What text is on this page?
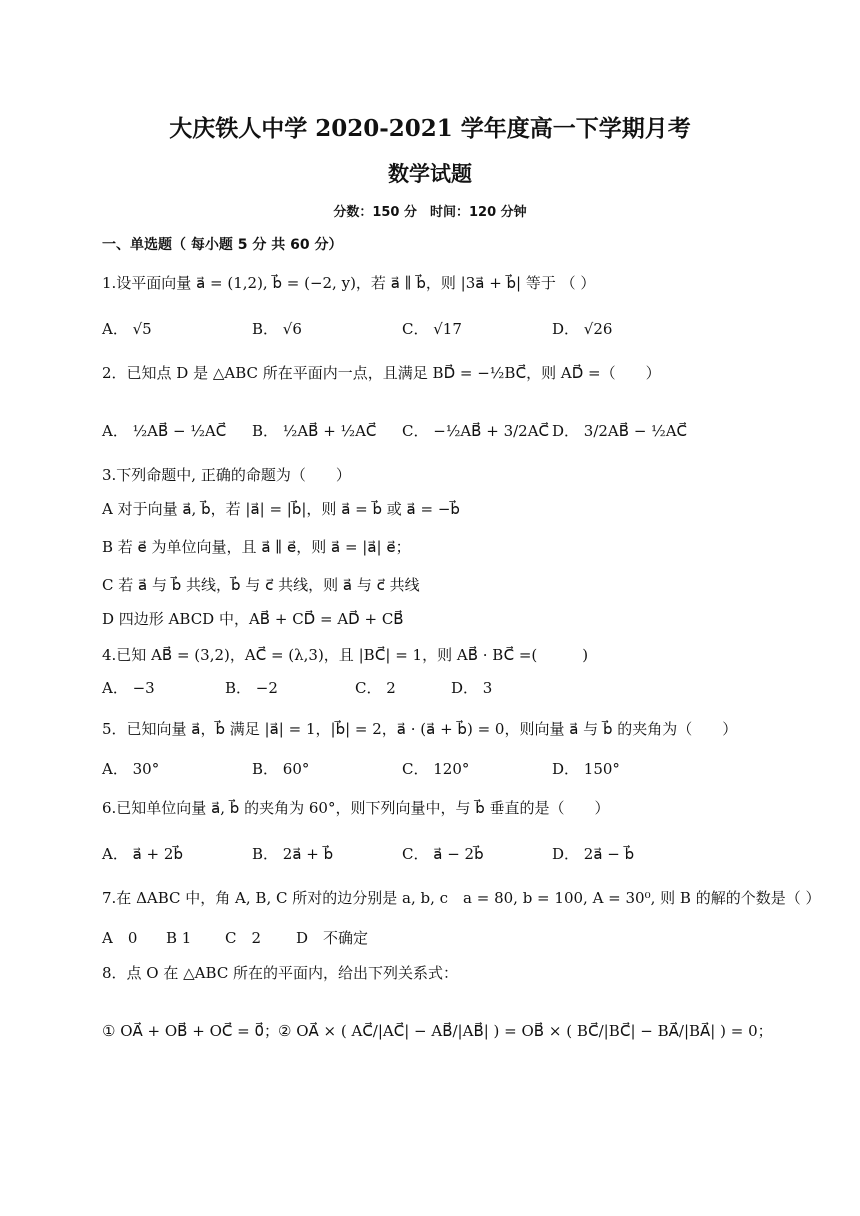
大庆铁人中学 2020-2021 学年度高一下学期月考
数学试题
分数：150 分　时间：120 分钟
一、单选题（ 每小题 5 分 共 60 分）
1.设平面向量 a⃗ = (1,2), b⃗ = (−2, y)，若 a⃗ ∥ b⃗，则 |3a⃗ + b⃗| 等于 （ ）
A． √5	B． √6	C． √17	D． √26
2．已知点 D 是 △ABC 所在平面内一点，且满足 BD⃗ = −½BC⃗，则 AD⃗ =（　　）
A． ½AB⃗ − ½AC⃗ B． ½AB⃗ + ½AC⃗ C． −½AB⃗ + 3/2AC⃗ D． 3/2AB⃗ − ½AC⃗
3.下列命题中, 正确的命题为（　　）
A 对于向量 a⃗, b⃗，若 |a⃗| = |b⃗|，则 a⃗ = b⃗ 或 a⃗ = −b⃗
B 若 e⃗ 为单位向量，且 a⃗ ∥ e⃗，则 a⃗ = |a⃗| e⃗；
C 若 a⃗ 与 b⃗ 共线，b⃗ 与 c⃗ 共线，则 a⃗ 与 c⃗ 共线
D 四边形 ABCD 中，AB⃗ + CD⃗ = AD⃗ + CB⃗
4.已知 AB⃗ = (3,2)，AC⃗ = (λ,3)，且 |BC⃗| = 1，则 AB⃗ · BC⃗ =(　　　)
A． −3	B． −2	C． 2	D． 3
5．已知向量 a⃗，b⃗ 满足 |a⃗| = 1，|b⃗| = 2，a⃗ · (a⃗ + b⃗) = 0，则向量 a⃗ 与 b⃗ 的夹角为（　　）
A． 30°	B． 60°	C． 120°	D． 150°
6.已知单位向量 a⃗, b⃗ 的夹角为 60°，则下列向量中，与 b⃗ 垂直的是（　　）
A． a⃗ + 2b⃗	B． 2a⃗ + b⃗	C． a⃗ − 2b⃗	D． 2a⃗ − b⃗
7.在 ΔABC 中，角 A, B, C 所对的边分别是 a, b, c　a = 80, b = 100, A = 30⁰, 则 B 的解的个数是（ ）
A　0 B 1 C　2 D　不确定
8．点 O 在 △ABC 所在的平面内，给出下列关系式：
① OA⃗ + OB⃗ + OC⃗ = 0⃗； ② OA⃗ × ( AC⃗/|AC⃗| − AB⃗/|AB⃗| ) = OB⃗ × ( BC⃗/|BC⃗| − BA⃗/|BA⃗| ) = 0；
